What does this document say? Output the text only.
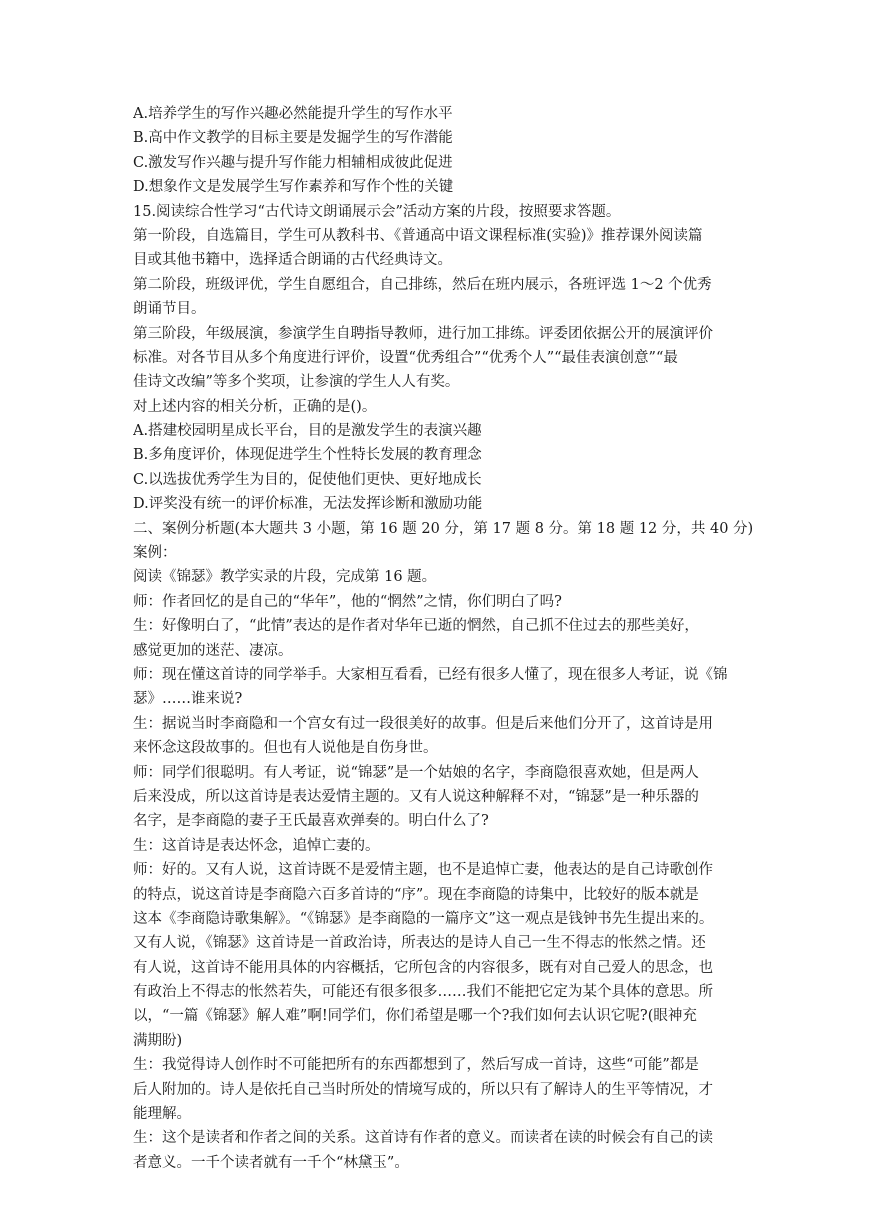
A.培养学生的写作兴趣必然能提升学生的写作水平
B.高中作文教学的目标主要是发掘学生的写作潜能
C.激发写作兴趣与提升写作能力相辅相成彼此促进
D.想象作文是发展学生写作素养和写作个性的关键
15.阅读综合性学习“古代诗文朗诵展示会”活动方案的片段，按照要求答题。
第一阶段，自选篇目，学生可从教科书、《普通高中语文课程标准(实验)》推荐课外阅读篇
目或其他书籍中，选择适合朗诵的古代经典诗文。
第二阶段，班级评优，学生自愿组合，自己排练，然后在班内展示，各班评选 1～2 个优秀
朗诵节目。
第三阶段，年级展演，参演学生自聘指导教师，进行加工排练。评委团依据公开的展演评价
标准。对各节目从多个角度进行评价，设置“优秀组合”“优秀个人”“最佳表演创意”“最
佳诗文改编”等多个奖项，让参演的学生人人有奖。
对上述内容的相关分析，正确的是()。
A.搭建校园明星成长平台，目的是激发学生的表演兴趣
B.多角度评价，体现促进学生个性特长发展的教育理念
C.以选拔优秀学生为目的，促使他们更快、更好地成长
D.评奖没有统一的评价标准，无法发挥诊断和激励功能
二、案例分析题(本大题共 3 小题，第 16 题 20 分，第 17 题 8 分。第 18 题 12 分，共 40 分)
案例：
阅读《锦瑟》教学实录的片段，完成第 16 题。
师：作者回忆的是自己的“华年”，他的“惘然”之情，你们明白了吗?
生：好像明白了，“此情”表达的是作者对华年已逝的惘然，自己抓不住过去的那些美好，
感觉更加的迷茫、凄凉。
师：现在懂这首诗的同学举手。大家相互看看，已经有很多人懂了，现在很多人考证，说《锦
瑟》……谁来说?
生：据说当时李商隐和一个宫女有过一段很美好的故事。但是后来他们分开了，这首诗是用
来怀念这段故事的。但也有人说他是自伤身世。
师：同学们很聪明。有人考证，说“锦瑟”是一个姑娘的名字，李商隐很喜欢她，但是两人
后来没成，所以这首诗是表达爱情主题的。又有人说这种解释不对，“锦瑟”是一种乐器的
名字，是李商隐的妻子王氏最喜欢弹奏的。明白什么了?
生：这首诗是表达怀念，追悼亡妻的。
师：好的。又有人说，这首诗既不是爱情主题，也不是追悼亡妻，他表达的是自己诗歌创作
的特点，说这首诗是李商隐六百多首诗的“序”。现在李商隐的诗集中，比较好的版本就是
这本《李商隐诗歌集解》。“《锦瑟》是李商隐的一篇序文”这一观点是钱钟书先生提出来的。
又有人说，《锦瑟》这首诗是一首政治诗，所表达的是诗人自己一生不得志的怅然之情。还
有人说，这首诗不能用具体的内容概括，它所包含的内容很多，既有对自己爱人的思念，也
有政治上不得志的怅然若失，可能还有很多很多……我们不能把它定为某个具体的意思。所
以，“一篇《锦瑟》解人难”啊!同学们，你们希望是哪一个?我们如何去认识它呢?(眼神充
满期盼)
生：我觉得诗人创作时不可能把所有的东西都想到了，然后写成一首诗，这些“可能”都是
后人附加的。诗人是依托自己当时所处的情境写成的，所以只有了解诗人的生平等情况，才
能理解。
生：这个是读者和作者之间的关系。这首诗有作者的意义。而读者在读的时候会有自己的读
者意义。一千个读者就有一千个“林黛玉”。
